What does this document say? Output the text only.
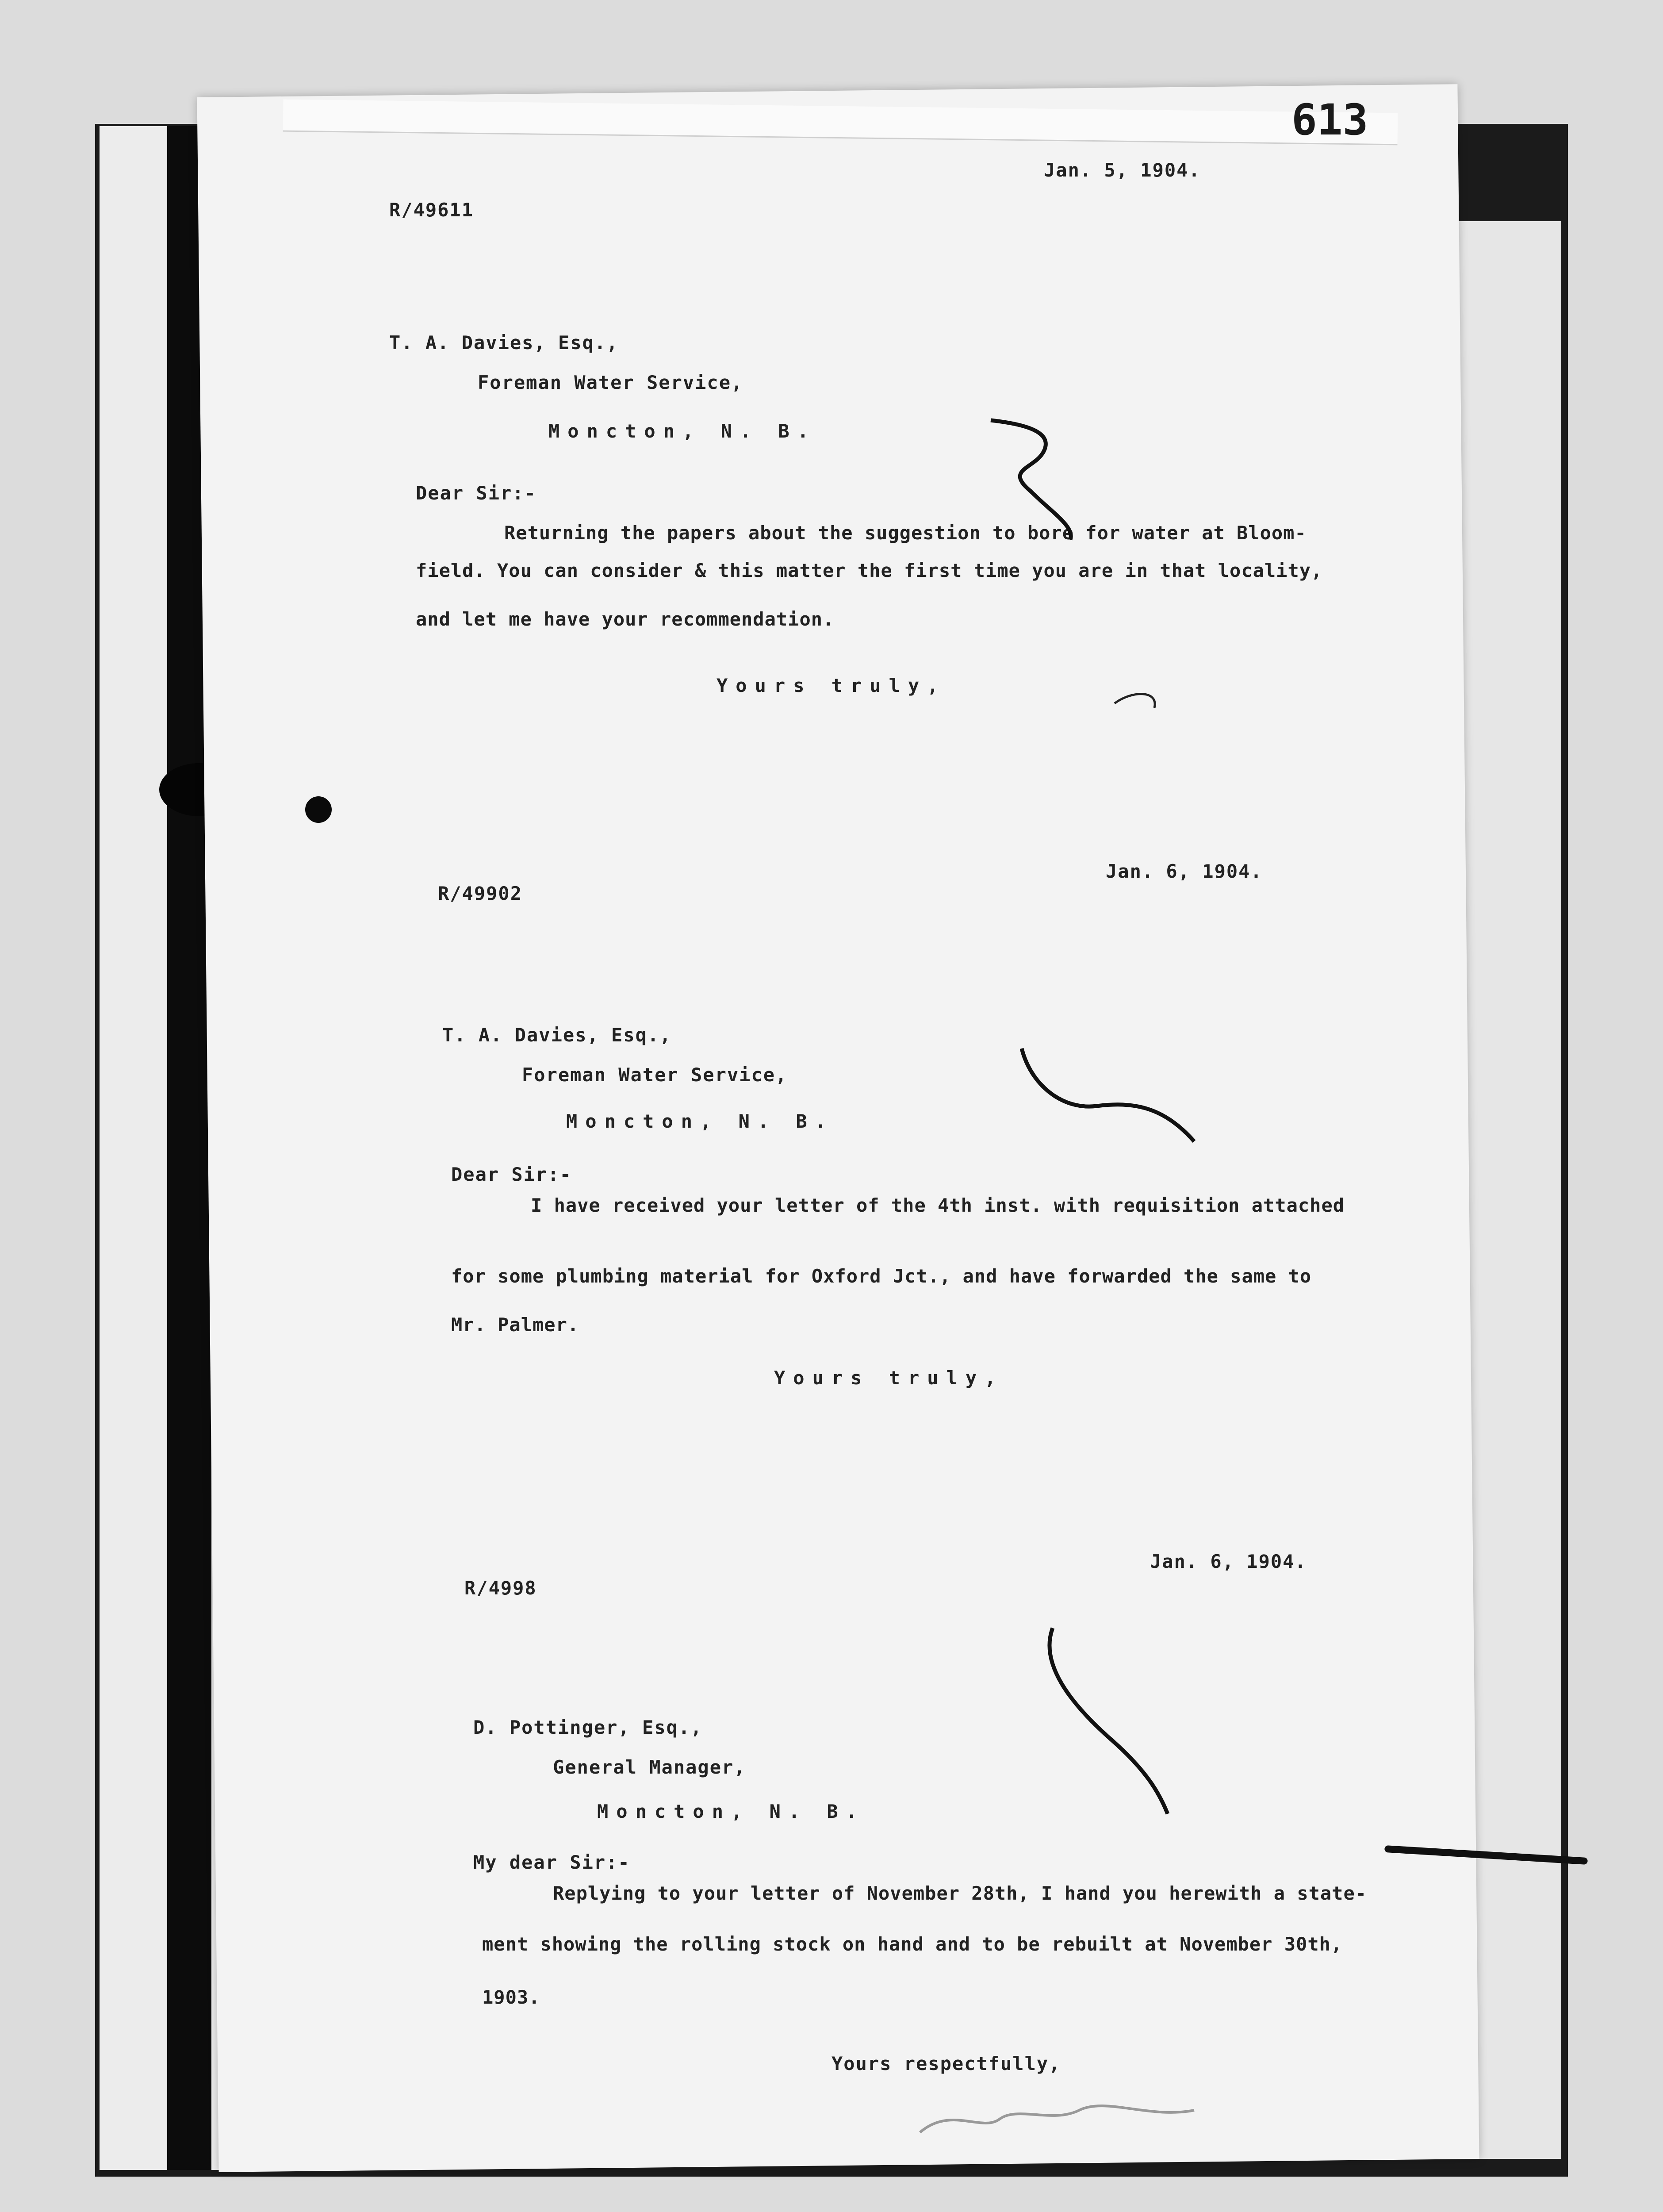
613
R/49611
Jan. 5, 1904.
T. A. Davies, Esq.,
Foreman Water Service,
Moncton, N. B.
Dear Sir:-
Returning the papers about the suggestion to bore for water at Bloom-
field. You can consider & this matter the first time you are in that locality,
and let me have your recommendation.
Yours truly,
R/49902
Jan. 6, 1904.
T. A. Davies, Esq.,
Foreman Water Service,
Moncton, N. B.
Dear Sir:-
I have received your letter of the 4th inst. with requisition attached
for some plumbing material for Oxford Jct., and have forwarded the same to
Mr. Palmer.
Yours truly,
R/4998
Jan. 6, 1904.
D. Pottinger, Esq.,
General Manager,
Moncton, N. B.
My dear Sir:-
Replying to your letter of November 28th, I hand you herewith a state-
ment showing the rolling stock on hand and to be rebuilt at November 30th,
1903.
Yours respectfully,
